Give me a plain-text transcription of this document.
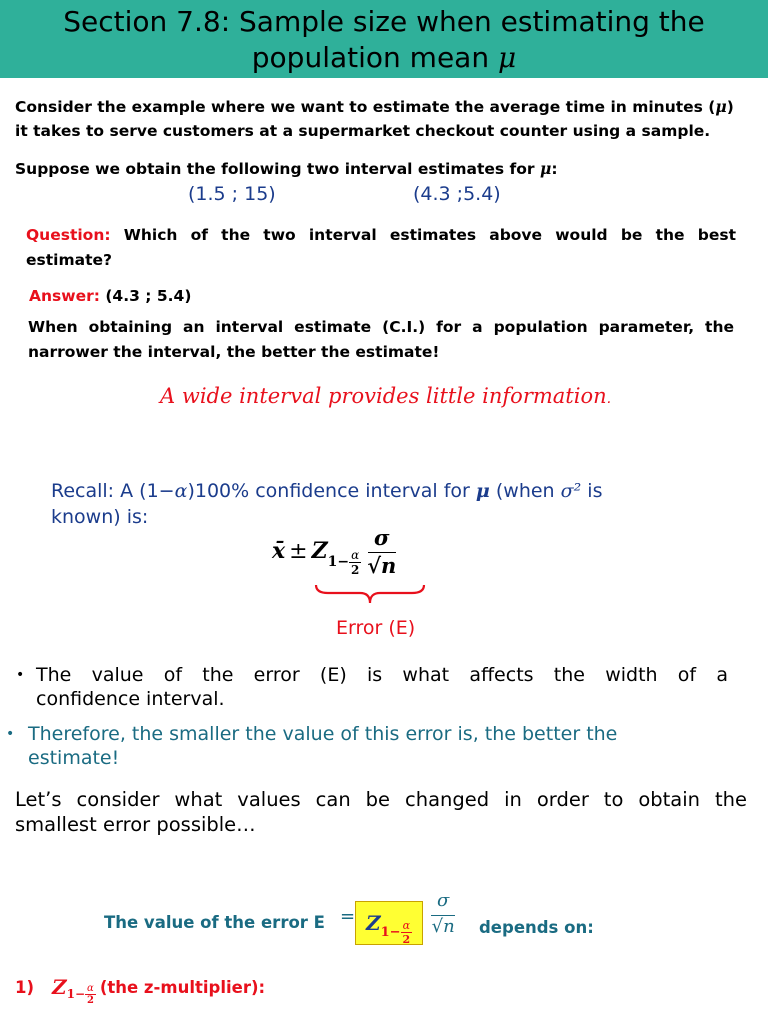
Section 7.8: Sample size when estimating the
population mean μ
Consider the example where we want to estimate the average time in minutes (μ)
it takes to serve customers at a supermarket checkout counter using a sample.
Suppose we obtain the following two interval estimates for μ:
(1.5 ; 15)	(4.3 ;5.4)
Question: Which of the two interval estimates above would be the best
estimate?
Answer: (4.3 ; 5.4)
When obtaining an interval estimate (C.I.) for a population parameter, the
narrower the interval, the better the estimate!
A wide interval provides little information.
Recall: A (1−α)100% confidence interval for μ (when σ² is
known) is:
x̄ ± Z $1- \frac{\alpha}{2} \frac{\sigma}{√n}$
Error (E)
• The value of the error (E) is what affects the width of a
confidence interval.
• Therefore, the smaller the value of this error is, the better the
estimate!
Let’s consider what values can be changed in order to obtain the
smallest error possible…
The value of the error E = Z $1- \frac{\alpha}{2} \frac{\sigma}{√n}$ depends on:
1) Z $1- \frac{\alpha}{2} (the$ z-multiplier):
